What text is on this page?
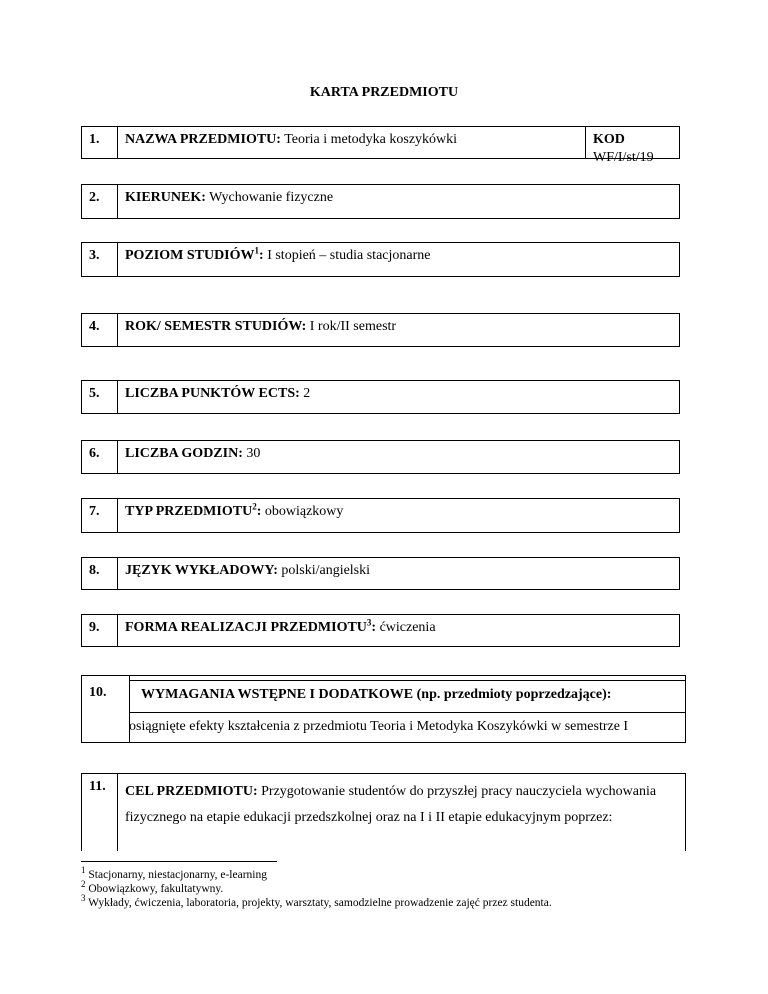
KARTA PRZEDMIOTU
1.	NAZWA PRZEDMIOTU: Teoria i metodyka koszykówki	KOD
WF/I/st/19
2.	KIERUNEK: Wychowanie fizyczne
3.	POZIOM STUDIÓW$^1$: I stopień – studia stacjonarne
4.	ROK/ SEMESTR STUDIÓW: I rok/II semestr
5.	LICZBA PUNKTÓW ECTS: 2
6.	LICZBA GODZIN: 30
7.	TYP PRZEDMIOTU$^2$: obowiązkowy
8.	JĘZYK WYKŁADOWY: polski/angielski
9.	FORMA REALIZACJI PRZEDMIOTU$^3$: ćwiczenia
10.	WYMAGANIA WSTĘPNE I DODATKOWE (np. przedmioty poprzedzające):
osiągnięte efekty kształcenia z przedmiotu Teoria i Metodyka Koszykówki w semestrze I
11.	CEL PRZEDMIOTU: Przygotowanie studentów do przyszłej pracy nauczyciela wychowania fizycznego na etapie edukacji przedszkolnej oraz na I i II etapie edukacyjnym poprzez:
$^1$ Stacjonarny, niestacjonarny, e-learning
$^2$ Obowiązkowy, fakultatywny.
$^3$ Wykłady, ćwiczenia, laboratoria, projekty, warsztaty, samodzielne prowadzenie zajęć przez studenta.
